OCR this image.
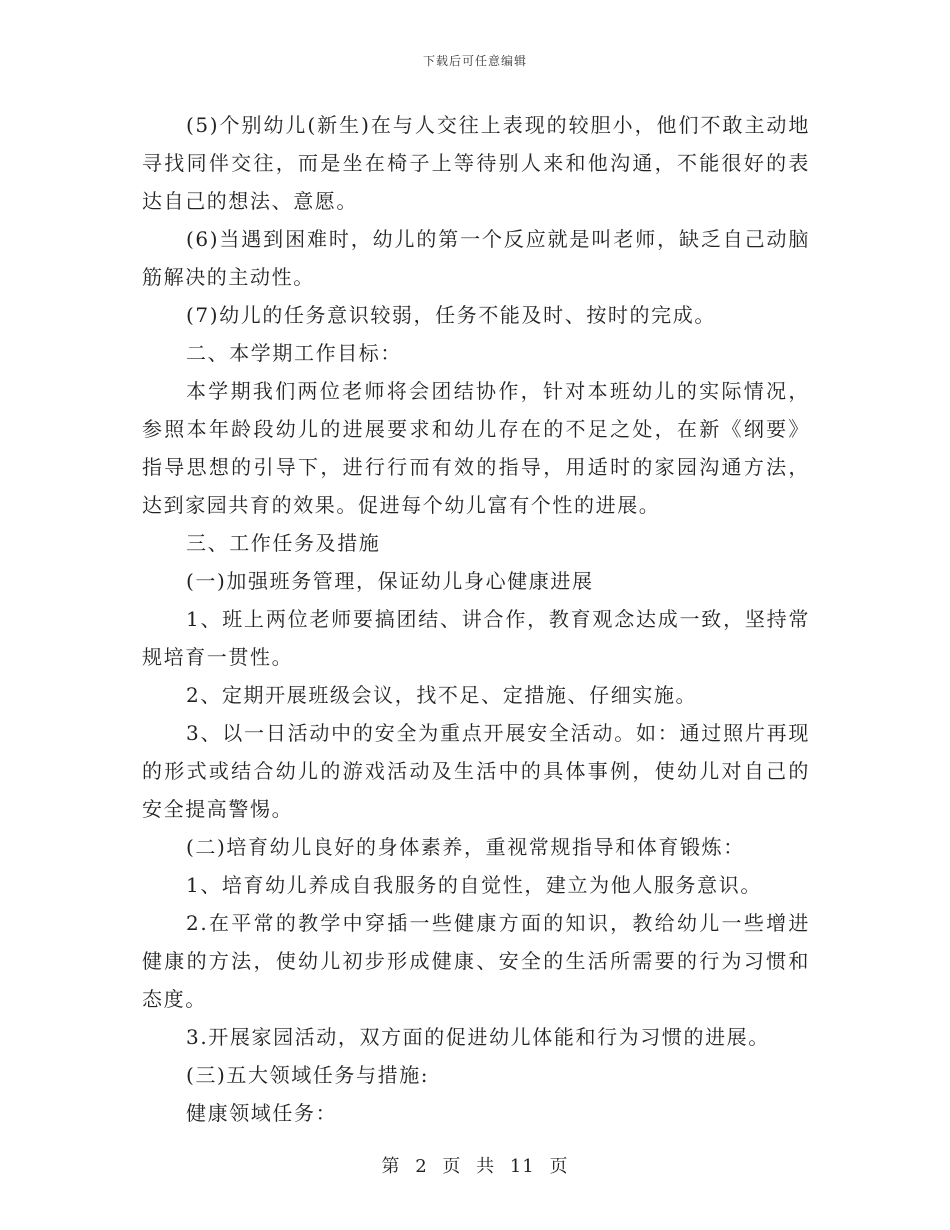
下载后可任意编辑

(5)个别幼儿(新生)在与人交往上表现的较胆小，他们不敢主动地寻找同伴交往，而是坐在椅子上等待别人来和他沟通，不能很好的表达自己的想法、意愿。

(6)当遇到困难时，幼儿的第一个反应就是叫老师，缺乏自己动脑筋解决的主动性。

(7)幼儿的任务意识较弱，任务不能及时、按时的完成。

二、本学期工作目标：

本学期我们两位老师将会团结协作，针对本班幼儿的实际情况，参照本年龄段幼儿的进展要求和幼儿存在的不足之处，在新《纲要》指导思想的引导下，进行行而有效的指导，用适时的家园沟通方法，达到家园共育的效果。促进每个幼儿富有个性的进展。

三、工作任务及措施

(一)加强班务管理，保证幼儿身心健康进展

1、班上两位老师要搞团结、讲合作，教育观念达成一致，坚持常规培育一贯性。

2、定期开展班级会议，找不足、定措施、仔细实施。

3、以一日活动中的安全为重点开展安全活动。如：通过照片再现的形式或结合幼儿的游戏活动及生活中的具体事例，使幼儿对自己的安全提高警惕。

(二)培育幼儿良好的身体素养，重视常规指导和体育锻炼：

1、培育幼儿养成自我服务的自觉性，建立为他人服务意识。

2.在平常的教学中穿插一些健康方面的知识，教给幼儿一些增进健康的方法，使幼儿初步形成健康、安全的生活所需要的行为习惯和态度。

3.开展家园活动，双方面的促进幼儿体能和行为习惯的进展。

(三)五大领域任务与措施:

健康领域任务：

第 2 页 共 11 页
